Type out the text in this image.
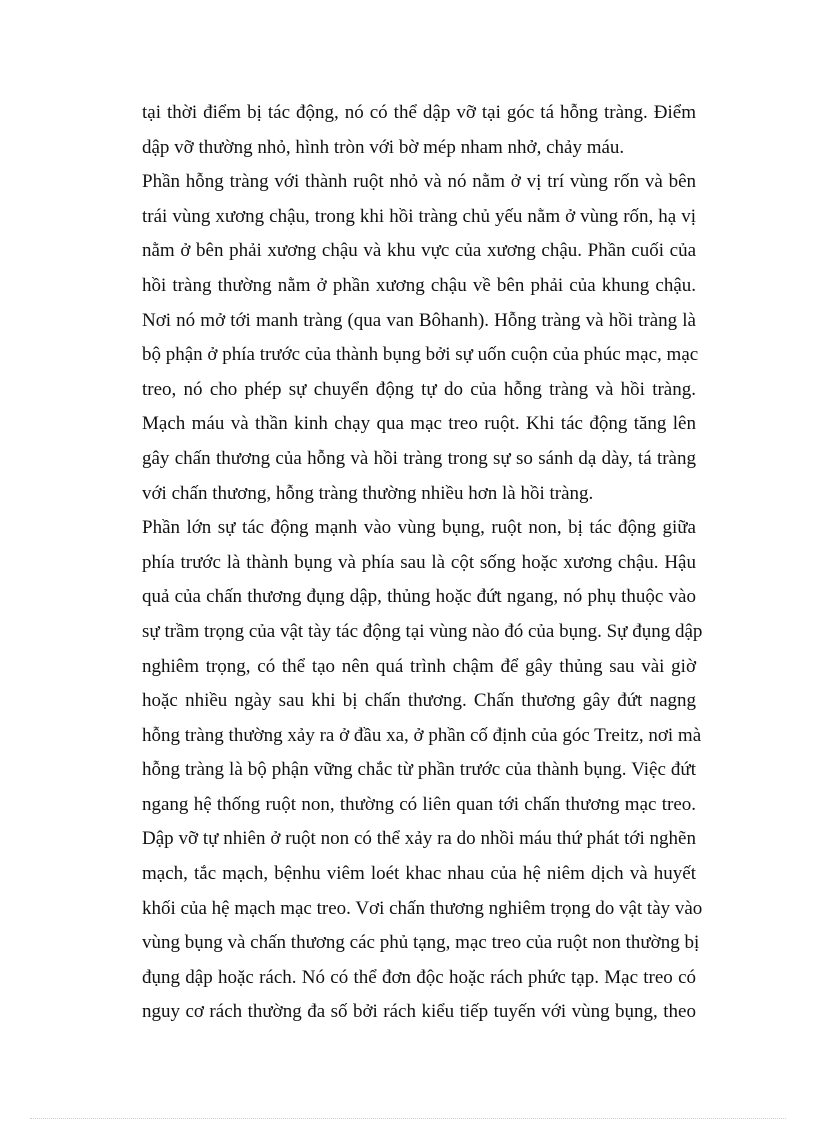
tại thời điểm bị tác động, nó có thể dập vỡ tại góc tá hỗng tràng. Điểm
dập vỡ thường nhỏ, hình tròn với bờ mép nham nhở, chảy máu.

Phần hỗng tràng với thành ruột nhỏ và nó nằm ở vị trí vùng rốn và bên
trái vùng xương chậu, trong khi hồi tràng chủ yếu nằm ở vùng rốn, hạ vị
nằm ở bên phải xương chậu và khu vực của xương chậu. Phần cuối của
hồi tràng thường nằm ở phần xương chậu về bên phải của khung chậu.
Nơi nó mở tới manh tràng (qua van Bôhanh). Hỗng tràng và hồi tràng là
bộ phận ở phía trước của thành bụng bởi sự uốn cuộn của phúc mạc, mạc
treo, nó cho phép sự chuyển động tự do của hỗng tràng và hồi tràng.
Mạch máu và thần kinh chạy qua mạc treo ruột. Khi tác động tăng lên
gây chấn thương của hỗng và hồi tràng trong sự so sánh dạ dày, tá tràng
với chấn thương, hỗng tràng thường nhiều hơn là hồi tràng.

Phần lớn sự tác động mạnh vào vùng bụng, ruột non, bị tác động giữa
phía trước là thành bụng và phía sau là cột sống hoặc xương chậu. Hậu
quả của chấn thương đụng dập, thủng hoặc đứt ngang, nó phụ thuộc vào
sự trầm trọng của vật tày tác động tại vùng nào đó của bụng. Sự đụng dập
nghiêm trọng, có thể tạo nên quá trình chậm để gây thủng sau vài giờ
hoặc nhiều ngày sau khi bị chấn thương. Chấn thương gây đứt nagng
hỗng tràng thường xảy ra ở đầu xa, ở phần cố định của góc Treitz, nơi mà
hỗng tràng là bộ phận vững chắc từ phần trước của thành bụng. Việc đứt
ngang hệ thống ruột non, thường có liên quan tới chấn thương mạc treo.
Dập vỡ tự nhiên ở ruột non có thể xảy ra do nhồi máu thứ phát tới nghẽn
mạch, tắc mạch, bệnhu viêm loét khac nhau của hệ niêm dịch và huyết
khối của hệ mạch mạc treo. Vơi chấn thương nghiêm trọng do vật tày vào
vùng bụng và chấn thương các phủ tạng, mạc treo của ruột non thường bị
đụng dập hoặc rách. Nó có thể đơn độc hoặc rách phức tạp. Mạc treo có
nguy cơ rách thường đa số bởi rách kiểu tiếp tuyến với vùng bụng, theo
